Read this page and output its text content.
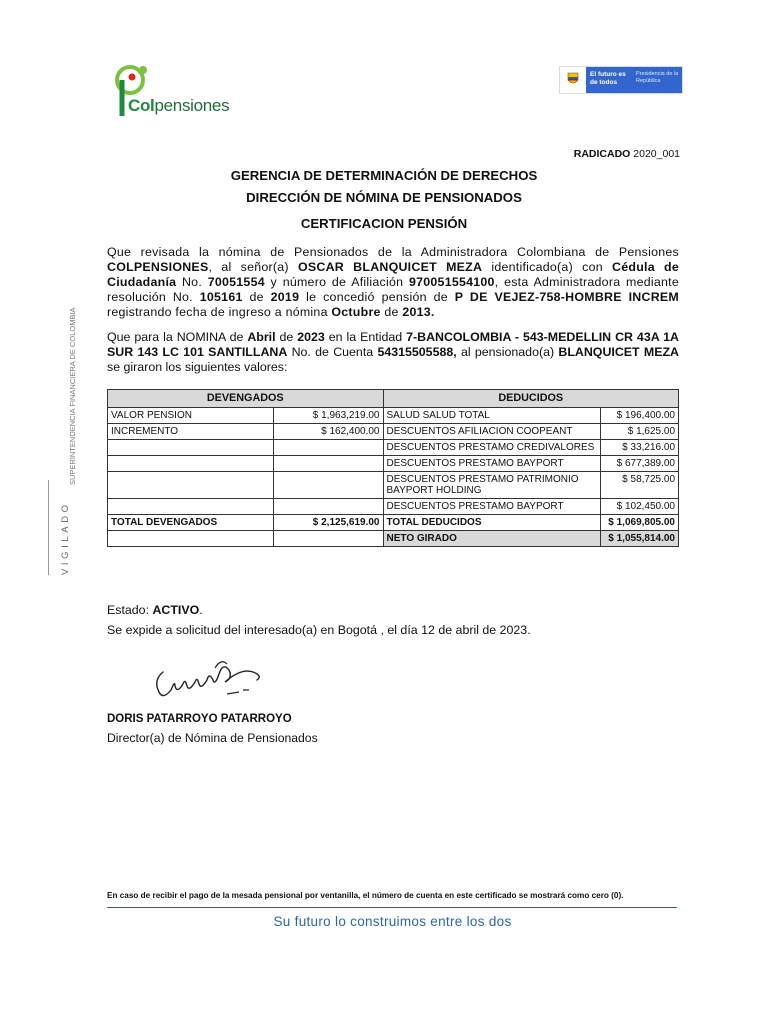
Colpensiones
El futuro es de todos
Presidencia de la República
VIGILADO
SUPERINTENDENCIA FINANCIERA DE COLOMBIA
RADICADO 2020_001
GERENCIA DE DETERMINACIÓN DE DERECHOS
DIRECCIÓN DE NÓMINA DE PENSIONADOS
CERTIFICACION PENSIÓN
Que revisada la nómina de Pensionados de la Administradora Colombiana de Pensiones COLPENSIONES, al señor(a) OSCAR BLANQUICET MEZA identificado(a) con Cédula de Ciudadanía No. 70051554 y número de Afiliación 970051554100, esta Administradora mediante resolución No. 105161 de 2019 le concedió pensión de P DE VEJEZ-758-HOMBRE INCREM registrando fecha de ingreso a nómina Octubre de 2013.
Que para la NOMINA de Abril de 2023 en la Entidad 7-BANCOLOMBIA - 543-MEDELLIN CR 43A 1A SUR 143 LC 101 SANTILLANA No. de Cuenta 54315505588, al pensionado(a) BLANQUICET MEZA se giraron los siguientes valores:
DEVENGADOS		DEDUCIDOS	
VALOR PENSION	$ 1,963,219.00	SALUD SALUD TOTAL	$ 196,400.00
INCREMENTO	$ 162,400.00	DESCUENTOS AFILIACION COOPEANT	$ 1,625.00
		DESCUENTOS PRESTAMO CREDIVALORES	$ 33,216.00
		DESCUENTOS PRESTAMO BAYPORT	$ 677,389.00
		DESCUENTOS PRESTAMO PATRIMONIO BAYPORT HOLDING	$ 58,725.00
		DESCUENTOS PRESTAMO BAYPORT	$ 102,450.00
TOTAL DEVENGADOS	$ 2,125,619.00	TOTAL DEDUCIDOS	$ 1,069,805.00
		NETO GIRADO	$ 1,055,814.00
Estado: ACTIVO.
Se expide a solicitud del interesado(a) en Bogotá , el día 12 de abril de 2023.
DORIS PATARROYO PATARROYO
Director(a) de Nómina de Pensionados
En caso de recibir el pago de la mesada pensional por ventanilla, el número de cuenta en este certificado se mostrará como cero (0).
Su futuro lo construimos entre los dos
